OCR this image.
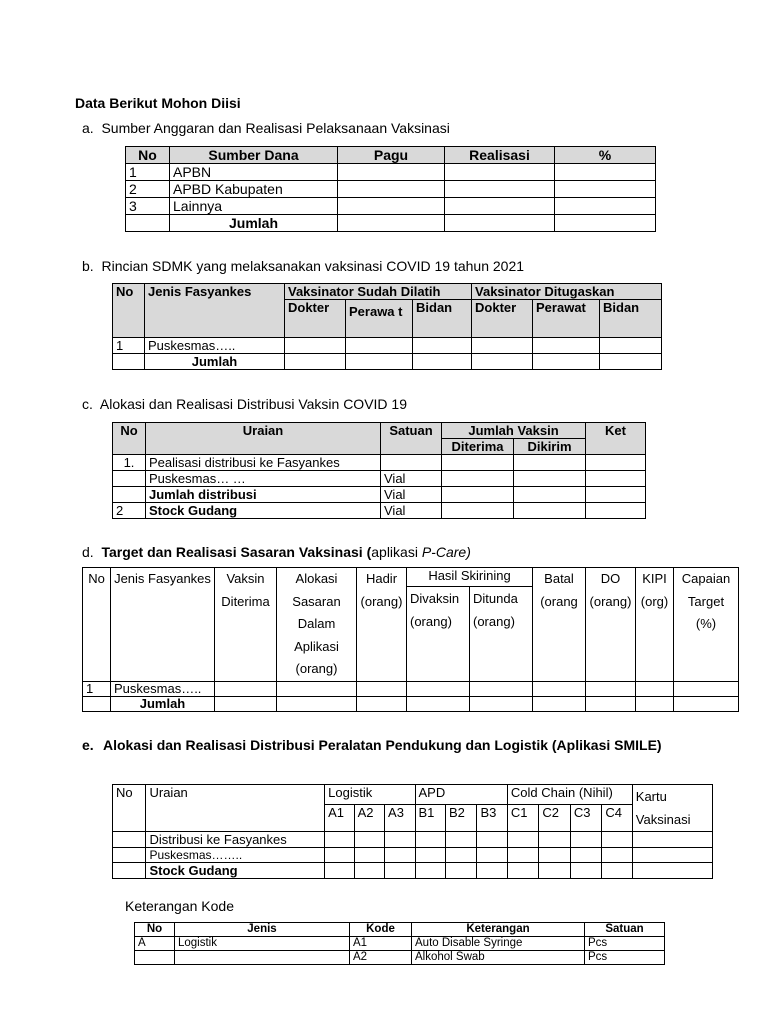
Data Berikut Mohon Diisi
a. Sumber Anggaran dan Realisasi Pelaksanaan Vaksinasi
No	Sumber Dana	Pagu	Realisasi	%
1	APBN			
2	APBD Kabupaten			
3	Lainnya			
	Jumlah			
b. Rincian SDMK yang melaksanakan vaksinasi COVID 19 tahun 2021
No	Jenis Fasyankes	Vaksinator Sudah Dilatih			Vaksinator Ditugaskan		
		Dokter	Perawa t	Bidan	Dokter	Perawat	Bidan
1	Puskesmas…..						
	Jumlah						
c. Alokasi dan Realisasi Distribusi Vaksin COVID 19
No	Uraian	Satuan	Jumlah Vaksin		Ket
			Diterima	Dikirim	
1.	Pealisasi distribusi ke Fasyankes				
	Puskesmas… …	Vial			
	Jumlah distribusi	Vial			
2	Stock Gudang	Vial			
d. Target dan Realisasi Sasaran Vaksinasi (aplikasi P-Care)
No	Jenis Fasyankes	Vaksin Diterima	Alokasi Sasaran Dalam Aplikasi (orang)	Hadir (orang)	Hasil Skirining		Batal (orang	DO (orang)	KIPI (org)	Capaian Target (%)
					Divaksin (orang)	Ditunda (orang)				
1	Puskesmas…..									
	Jumlah									
e. Alokasi dan Realisasi Distribusi Peralatan Pendukung dan Logistik (Aplikasi SMILE)
No	Uraian	Logistik			APD			Cold Chain (Nihil)				Kartu Vaksinasi
		A1	A2	A3	B1	B2	B3	C1	C2	C3	C4	
	Distribusi ke Fasyankes											
	Puskesmas……..											
	Stock Gudang											
Keterangan Kode
No	Jenis	Kode	Keterangan	Satuan
A	Logistik	A1	Auto Disable Syringe	Pcs
		A2	Alkohol Swab	Pcs
